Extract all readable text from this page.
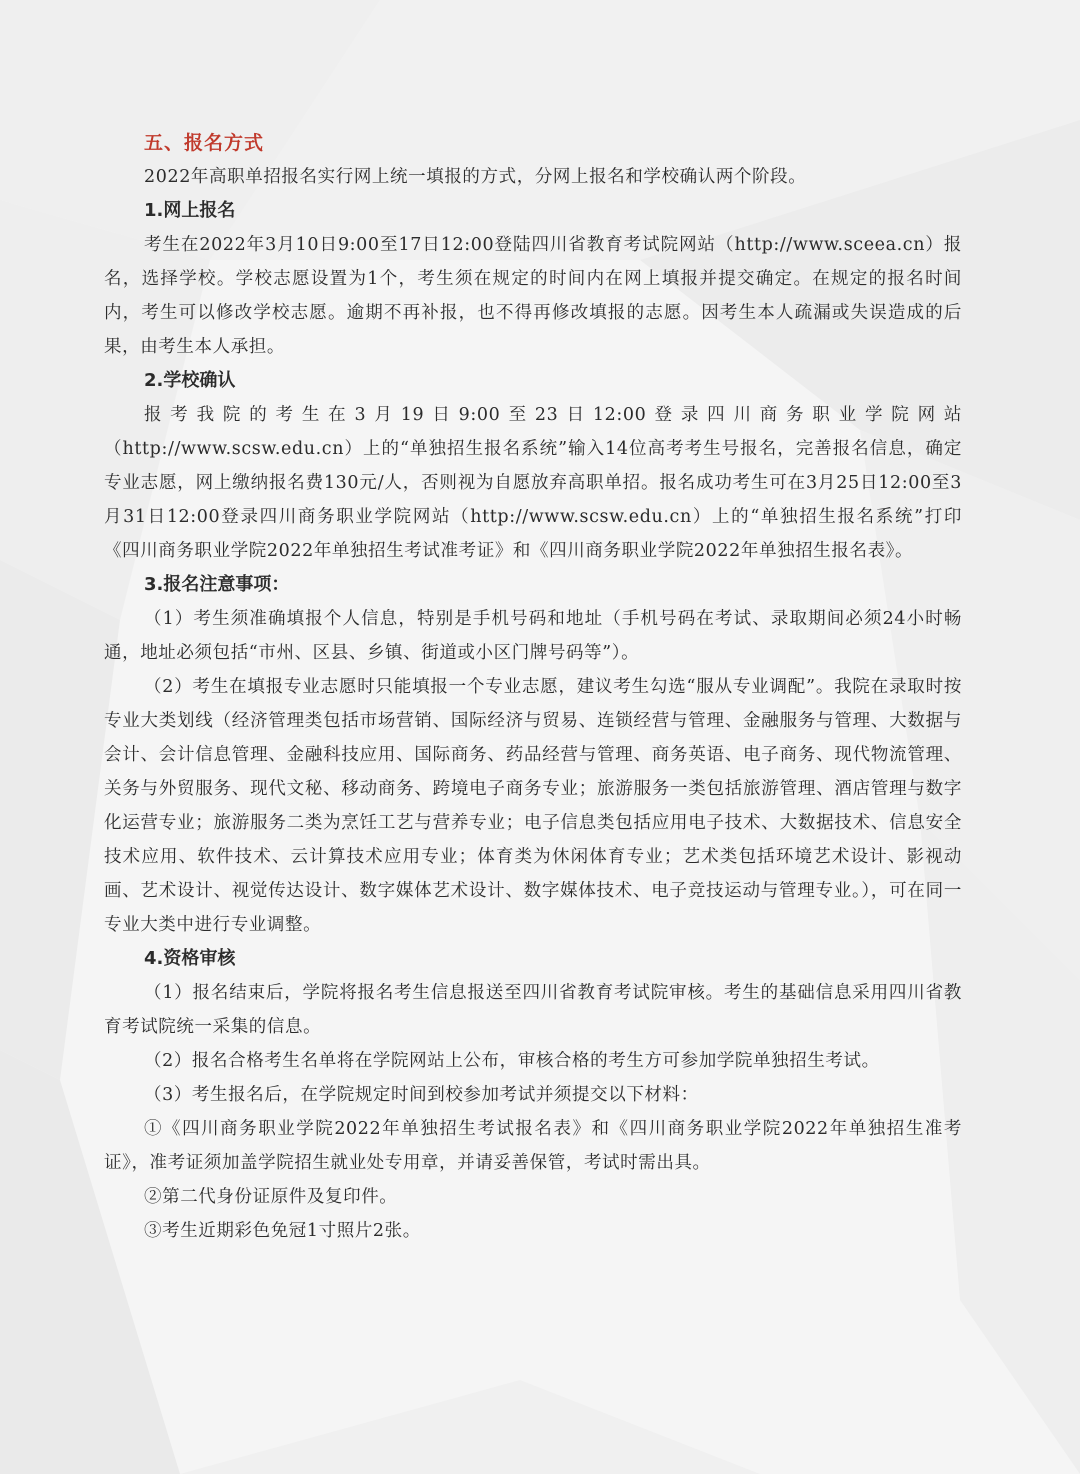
五、报名方式

2022年高职单招报名实行网上统一填报的方式，分网上报名和学校确认两个阶段。

1.网上报名

考生在2022年3月10日9:00至17日12:00登陆四川省教育考试院网站（http://www.sceea.cn）报名，选择学校。学校志愿设置为1个，考生须在规定的时间内在网上填报并提交确定。在规定的报名时间内，考生可以修改学校志愿。逾期不再补报，也不得再修改填报的志愿。因考生本人疏漏或失误造成的后果，由考生本人承担。

2.学校确认

报考我院的考生在3月19日9:00至23日12:00登录四川商务职业学院网站（http://www.scsw.edu.cn）上的“单独招生报名系统”输入14位高考考生号报名，完善报名信息，确定专业志愿，网上缴纳报名费130元/人，否则视为自愿放弃高职单招。报名成功考生可在3月25日12:00至3月31日12:00登录四川商务职业学院网站（http://www.scsw.edu.cn）上的“单独招生报名系统”打印《四川商务职业学院2022年单独招生考试准考证》和《四川商务职业学院2022年单独招生报名表》。

3.报名注意事项：

（1）考生须准确填报个人信息，特别是手机号码和地址（手机号码在考试、录取期间必须24小时畅通，地址必须包括“市州、区县、乡镇、街道或小区门牌号码等”）。

（2）考生在填报专业志愿时只能填报一个专业志愿，建议考生勾选“服从专业调配”。我院在录取时按专业大类划线（经济管理类包括市场营销、国际经济与贸易、连锁经营与管理、金融服务与管理、大数据与会计、会计信息管理、金融科技应用、国际商务、药品经营与管理、商务英语、电子商务、现代物流管理、关务与外贸服务、现代文秘、移动商务、跨境电子商务专业；旅游服务一类包括旅游管理、酒店管理与数字化运营专业；旅游服务二类为烹饪工艺与营养专业；电子信息类包括应用电子技术、大数据技术、信息安全技术应用、软件技术、云计算技术应用专业；体育类为休闲体育专业；艺术类包括环境艺术设计、影视动画、艺术设计、视觉传达设计、数字媒体艺术设计、数字媒体技术、电子竞技运动与管理专业。），可在同一专业大类中进行专业调整。

4.资格审核

（1）报名结束后，学院将报名考生信息报送至四川省教育考试院审核。考生的基础信息采用四川省教育考试院统一采集的信息。

（2）报名合格考生名单将在学院网站上公布，审核合格的考生方可参加学院单独招生考试。

（3）考生报名后，在学院规定时间到校参加考试并须提交以下材料：

①《四川商务职业学院2022年单独招生考试报名表》和《四川商务职业学院2022年单独招生准考证》，准考证须加盖学院招生就业处专用章，并请妥善保管，考试时需出具。

②第二代身份证原件及复印件。

③考生近期彩色免冠1寸照片2张。
